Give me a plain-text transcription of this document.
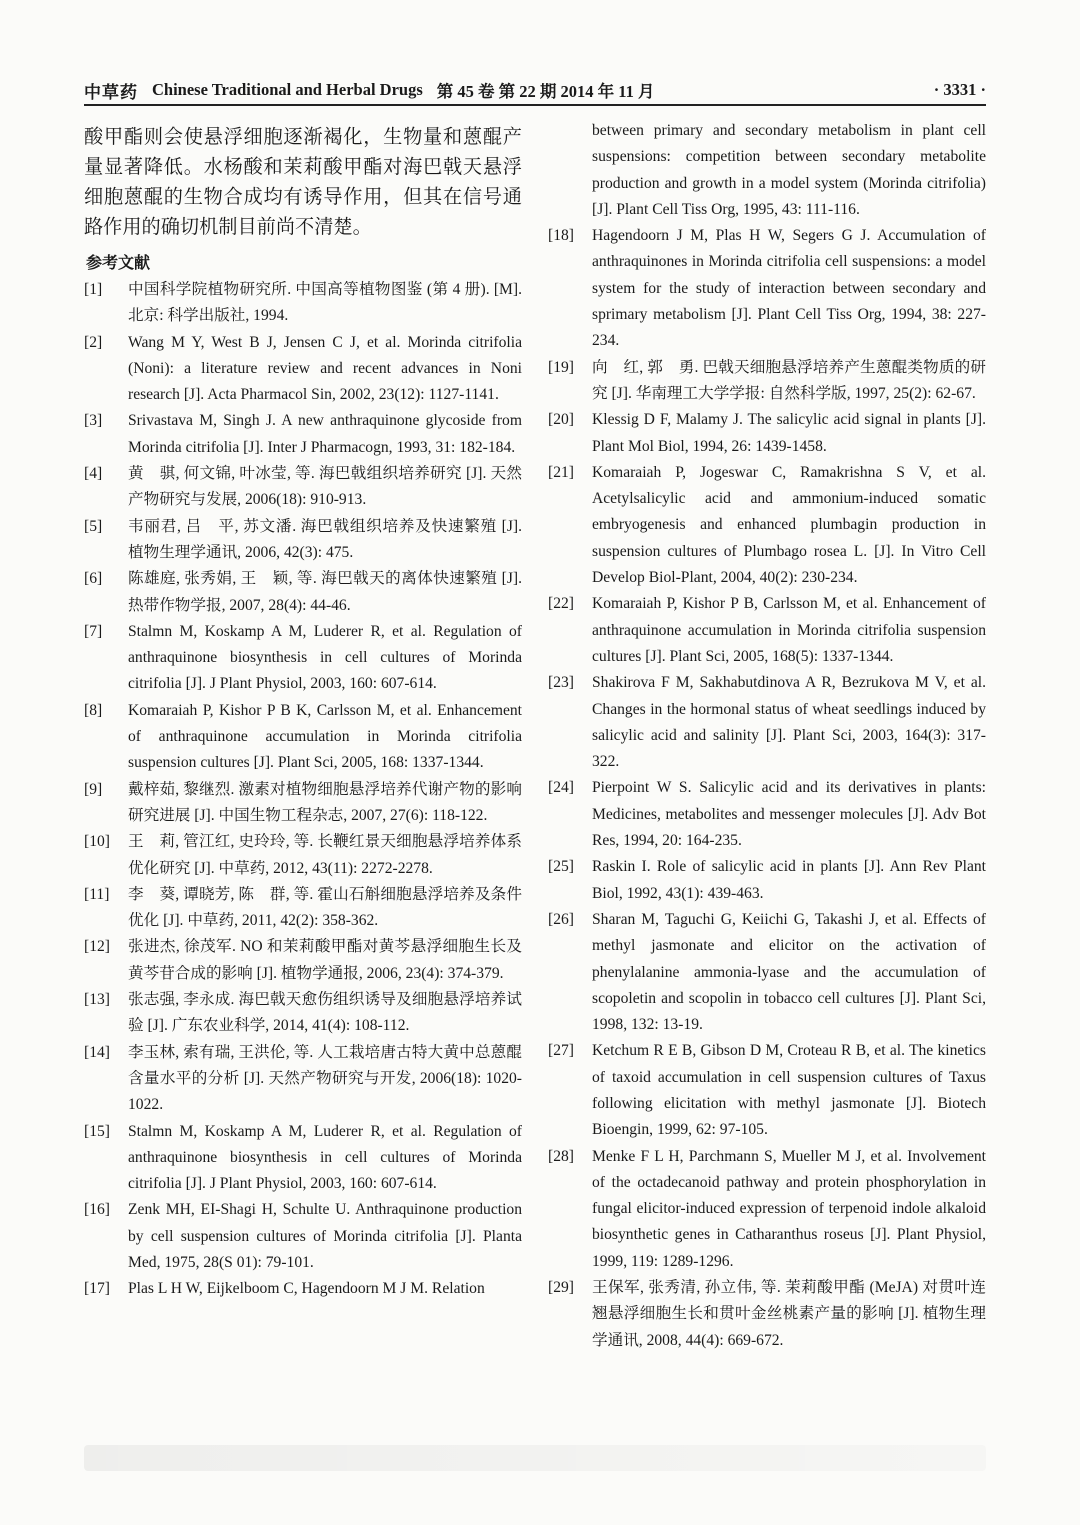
中草药 Chinese Traditional and Herbal Drugs 第 45 卷 第 22 期 2014 年 11 月	· 3331 ·
酸甲酯则会使悬浮细胞逐渐褐化，生物量和蒽醌产量显著降低。水杨酸和茉莉酸甲酯对海巴戟天悬浮细胞蒽醌的生物合成均有诱导作用，但其在信号通路作用的确切机制目前尚不清楚。
参考文献
[1]	中国科学院植物研究所. 中国高等植物图鉴 (第 4 册). [M]. 北京: 科学出版社, 1994.
[2]	Wang M Y, West B J, Jensen C J, et al. Morinda citrifolia (Noni): a literature review and recent advances in Noni research [J]. Acta Pharmacol Sin, 2002, 23(12): 1127-1141.
[3]	Srivastava M, Singh J. A new anthraquinone glycoside from Morinda citrifolia [J]. Inter J Pharmacogn, 1993, 31: 182-184.
[4]	黄　骐, 何文锦, 叶冰莹, 等. 海巴戟组织培养研究 [J]. 天然产物研究与发展, 2006(18): 910-913.
[5]	韦丽君, 吕　平, 苏文潘. 海巴戟组织培养及快速繁殖 [J]. 植物生理学通讯, 2006, 42(3): 475.
[6]	陈雄庭, 张秀娟, 王　颖, 等. 海巴戟天的离体快速繁殖 [J]. 热带作物学报, 2007, 28(4): 44-46.
[7]	Stalmn M, Koskamp A M, Luderer R, et al. Regulation of anthraquinone biosynthesis in cell cultures of Morinda citrifolia [J]. J Plant Physiol, 2003, 160: 607-614.
[8]	Komaraiah P, Kishor P B K, Carlsson M, et al. Enhancement of anthraquinone accumulation in Morinda citrifolia suspension cultures [J]. Plant Sci, 2005, 168: 1337-1344.
[9]	戴梓茹, 黎继烈. 激素对植物细胞悬浮培养代谢产物的影响研究进展 [J]. 中国生物工程杂志, 2007, 27(6): 118-122.
[10]	王　莉, 管江红, 史玲玲, 等. 长鞭红景天细胞悬浮培养体系优化研究 [J]. 中草药, 2012, 43(11): 2272-2278.
[11]	李　葵, 谭晓芳, 陈　群, 等. 霍山石斛细胞悬浮培养及条件优化 [J]. 中草药, 2011, 42(2): 358-362.
[12]	张进杰, 徐茂军. NO 和茉莉酸甲酯对黄芩悬浮细胞生长及黄芩苷合成的影响 [J]. 植物学通报, 2006, 23(4): 374-379.
[13]	张志强, 李永成. 海巴戟天愈伤组织诱导及细胞悬浮培养试验 [J]. 广东农业科学, 2014, 41(4): 108-112.
[14]	李玉林, 索有瑞, 王洪伦, 等. 人工栽培唐古特大黄中总蒽醌含量水平的分析 [J]. 天然产物研究与开发, 2006(18): 1020-1022.
[15]	Stalmn M, Koskamp A M, Luderer R, et al. Regulation of anthraquinone biosynthesis in cell cultures of Morinda citrifolia [J]. J Plant Physiol, 2003, 160: 607-614.
[16]	Zenk MH, EI-Shagi H, Schulte U. Anthraquinone production by cell suspension cultures of Morinda citrifolia [J]. Planta Med, 1975, 28(S 01): 79-101.
[17]	Plas L H W, Eijkelboom C, Hagendoorn M J M. Relation
between primary and secondary metabolism in plant cell suspensions: competition between secondary metabolite production and growth in a model system (Morinda citrifolia) [J]. Plant Cell Tiss Org, 1995, 43: 111-116.
[18]	Hagendoorn J M, Plas H W, Segers G J. Accumulation of anthraquinones in Morinda citrifolia cell suspensions: a model system for the study of interaction between secondary and sprimary metabolism [J]. Plant Cell Tiss Org, 1994, 38: 227-234.
[19]	向　红, 郭　勇. 巴戟天细胞悬浮培养产生蒽醌类物质的研究 [J]. 华南理工大学学报: 自然科学版, 1997, 25(2): 62-67.
[20]	Klessig D F, Malamy J. The salicylic acid signal in plants [J]. Plant Mol Biol, 1994, 26: 1439-1458.
[21]	Komaraiah P, Jogeswar C, Ramakrishna S V, et al. Acetylsalicylic acid and ammonium-induced somatic embryogenesis and enhanced plumbagin production in suspension cultures of Plumbago rosea L. [J]. In Vitro Cell Develop Biol-Plant, 2004, 40(2): 230-234.
[22]	Komaraiah P, Kishor P B, Carlsson M, et al. Enhancement of anthraquinone accumulation in Morinda citrifolia suspension cultures [J]. Plant Sci, 2005, 168(5): 1337-1344.
[23]	Shakirova F M, Sakhabutdinova A R, Bezrukova M V, et al. Changes in the hormonal status of wheat seedlings induced by salicylic acid and salinity [J]. Plant Sci, 2003, 164(3): 317-322.
[24]	Pierpoint W S. Salicylic acid and its derivatives in plants: Medicines, metabolites and messenger molecules [J]. Adv Bot Res, 1994, 20: 164-235.
[25]	Raskin I. Role of salicylic acid in plants [J]. Ann Rev Plant Biol, 1992, 43(1): 439-463.
[26]	Sharan M, Taguchi G, Keiichi G, Takashi J, et al. Effects of methyl jasmonate and elicitor on the activation of phenylalanine ammonia-lyase and the accumulation of scopoletin and scopolin in tobacco cell cultures [J]. Plant Sci, 1998, 132: 13-19.
[27]	Ketchum R E B, Gibson D M, Croteau R B, et al. The kinetics of taxoid accumulation in cell suspension cultures of Taxus following elicitation with methyl jasmonate [J]. Biotech Bioengin, 1999, 62: 97-105.
[28]	Menke F L H, Parchmann S, Mueller M J, et al. Involvement of the octadecanoid pathway and protein phosphorylation in fungal elicitor-induced expression of terpenoid indole alkaloid biosynthetic genes in Catharanthus roseus [J]. Plant Physiol, 1999, 119: 1289-1296.
[29]	王保军, 张秀清, 孙立伟, 等. 茉莉酸甲酯 (MeJA) 对贯叶连翘悬浮细胞生长和贯叶金丝桃素产量的影响 [J]. 植物生理学通讯, 2008, 44(4): 669-672.
